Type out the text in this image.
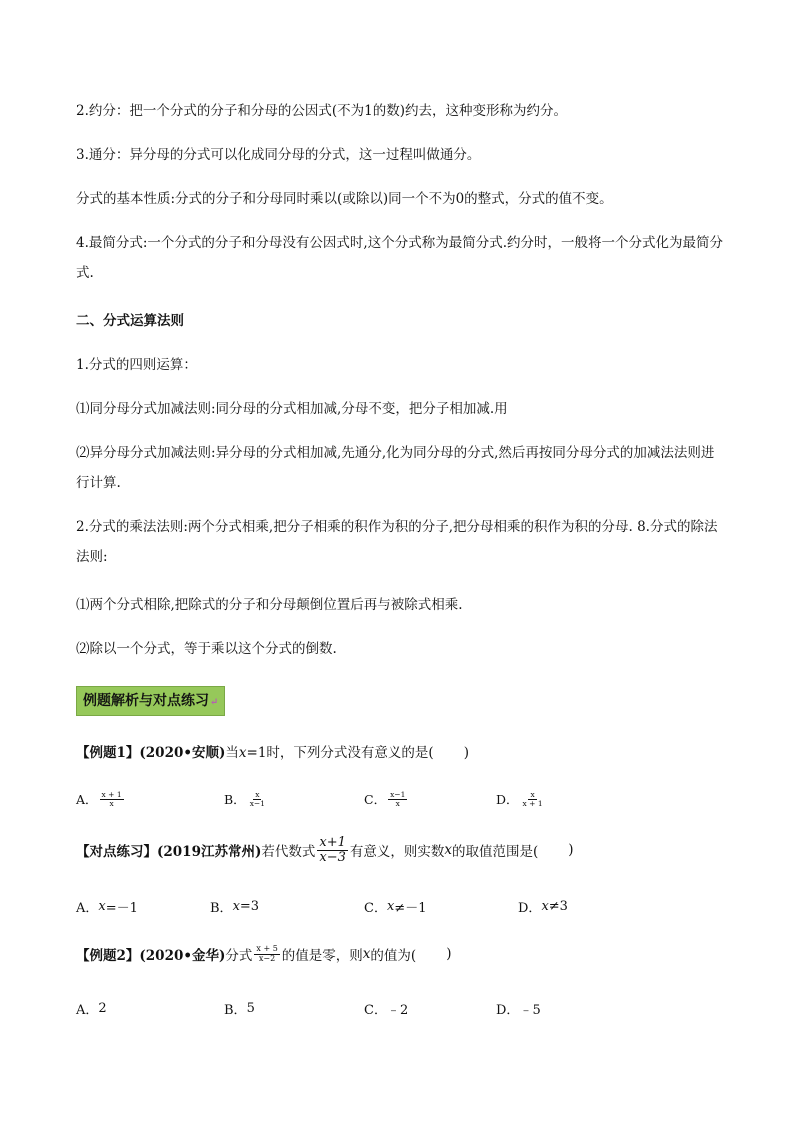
2.约分：把一个分式的分子和分母的公因式(不为1的数)约去，这种变形称为约分。
3.通分：异分母的分式可以化成同分母的分式，这一过程叫做通分。
分式的基本性质:分式的分子和分母同时乘以(或除以)同一个不为0的整式，分式的值不变。
4.最简分式:一个分式的分子和分母没有公因式时,这个分式称为最简分式.约分时，一般将一个分式化为最简分式.
二、分式运算法则
1.分式的四则运算：
⑴同分母分式加减法则:同分母的分式相加减,分母不变，把分子相加减.用
⑵异分母分式加减法则:异分母的分式相加减,先通分,化为同分母的分式,然后再按同分母分式的加减法法则进行计算.
2.分式的乘法法则:两个分式相乘,把分子相乘的积作为积的分子,把分母相乘的积作为积的分母. 8.分式的除法法则:
⑴两个分式相除,把除式的分子和分母颠倒位置后再与被除式相乘.
⑵除以一个分式，等于乘以这个分式的倒数.
例题解析与对点练习↵
【例题1】(2020•安顺)当x=1时，下列分式没有意义的是( )
A． $\frac{x + 1}{x}$	B． $\frac{x}{x-1}$	C． $\frac{x-1}{x}$	D． $\frac{x}{x + 1}$
【对点练习】 (2019江苏常州) 若代数式 $\frac{x+1}{x-3}$ 有意义，则实数 x 的取值范围是( )
A． x =－1	B． x =3	C． x ≠－1	D． x ≠3
【例题2】 (2020•金华) 分式 $\frac{x + 5}{x-2}$ 的值是零，则 x 的值为( )
A． 2	B． 5	C． ﹣2	D． ﹣5
